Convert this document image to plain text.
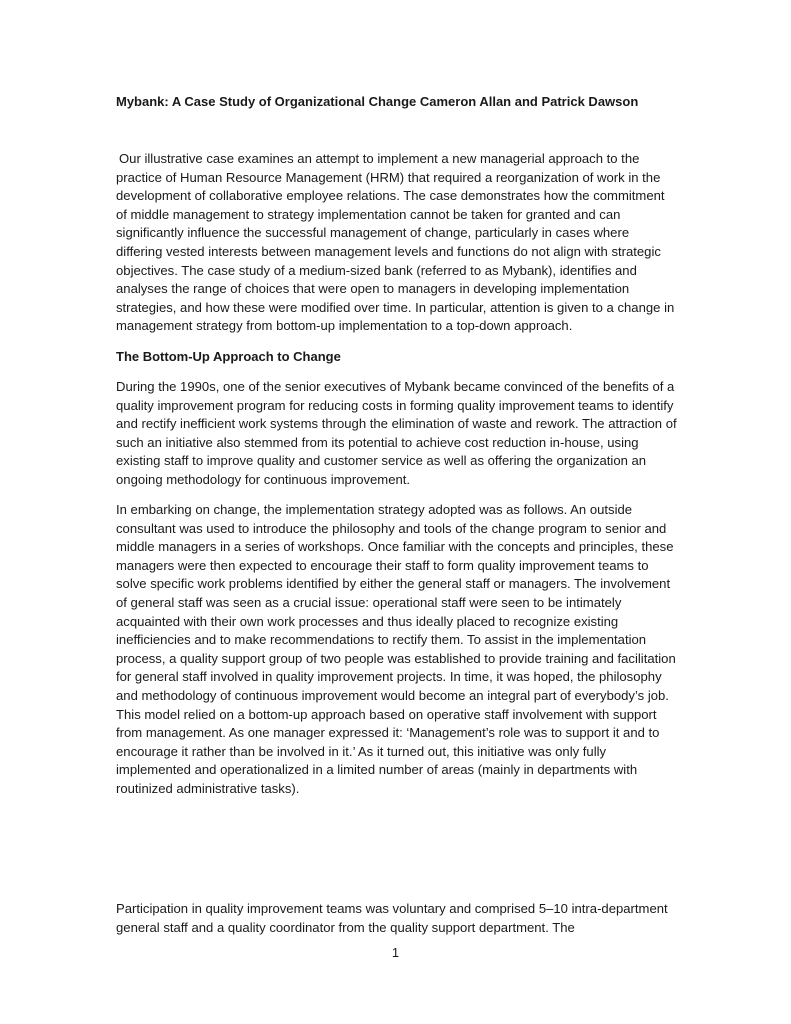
Mybank: A Case Study of Organizational Change Cameron Allan and Patrick Dawson

Our illustrative case examines an attempt to implement a new managerial approach to the practice of Human Resource Management (HRM) that required a reorganization of work in the development of collaborative employee relations. The case demonstrates how the commitment of middle management to strategy implementation cannot be taken for granted and can significantly influence the successful management of change, particularly in cases where differing vested interests between management levels and functions do not align with strategic objectives. The case study of a medium-sized bank (referred to as Mybank), identifies and analyses the range of choices that were open to managers in developing implementation strategies, and how these were modified over time. In particular, attention is given to a change in management strategy from bottom-up implementation to a top-down approach.

The Bottom-Up Approach to Change

During the 1990s, one of the senior executives of Mybank became convinced of the benefits of a quality improvement program for reducing costs in forming quality improvement teams to identify and rectify inefficient work systems through the elimination of waste and rework. The attraction of such an initiative also stemmed from its potential to achieve cost reduction in-house, using existing staff to improve quality and customer service as well as offering the organization an ongoing methodology for continuous improvement.

In embarking on change, the implementation strategy adopted was as follows. An outside consultant was used to introduce the philosophy and tools of the change program to senior and middle managers in a series of workshops. Once familiar with the concepts and principles, these managers were then expected to encourage their staff to form quality improvement teams to solve specific work problems identified by either the general staff or managers. The involvement of general staff was seen as a crucial issue: operational staff were seen to be intimately acquainted with their own work processes and thus ideally placed to recognize existing inefficiencies and to make recommendations to rectify them. To assist in the implementation process, a quality support group of two people was established to provide training and facilitation for general staff involved in quality improvement projects. In time, it was hoped, the philosophy and methodology of continuous improvement would become an integral part of everybody’s job. This model relied on a bottom-up approach based on operative staff involvement with support from management. As one manager expressed it: ‘Management’s role was to support it and to encourage it rather than be involved in it.’ As it turned out, this initiative was only fully implemented and operationalized in a limited number of areas (mainly in departments with routinized administrative tasks).

Participation in quality improvement teams was voluntary and comprised 5–10 intra-department general staff and a quality coordinator from the quality support department. The

1
